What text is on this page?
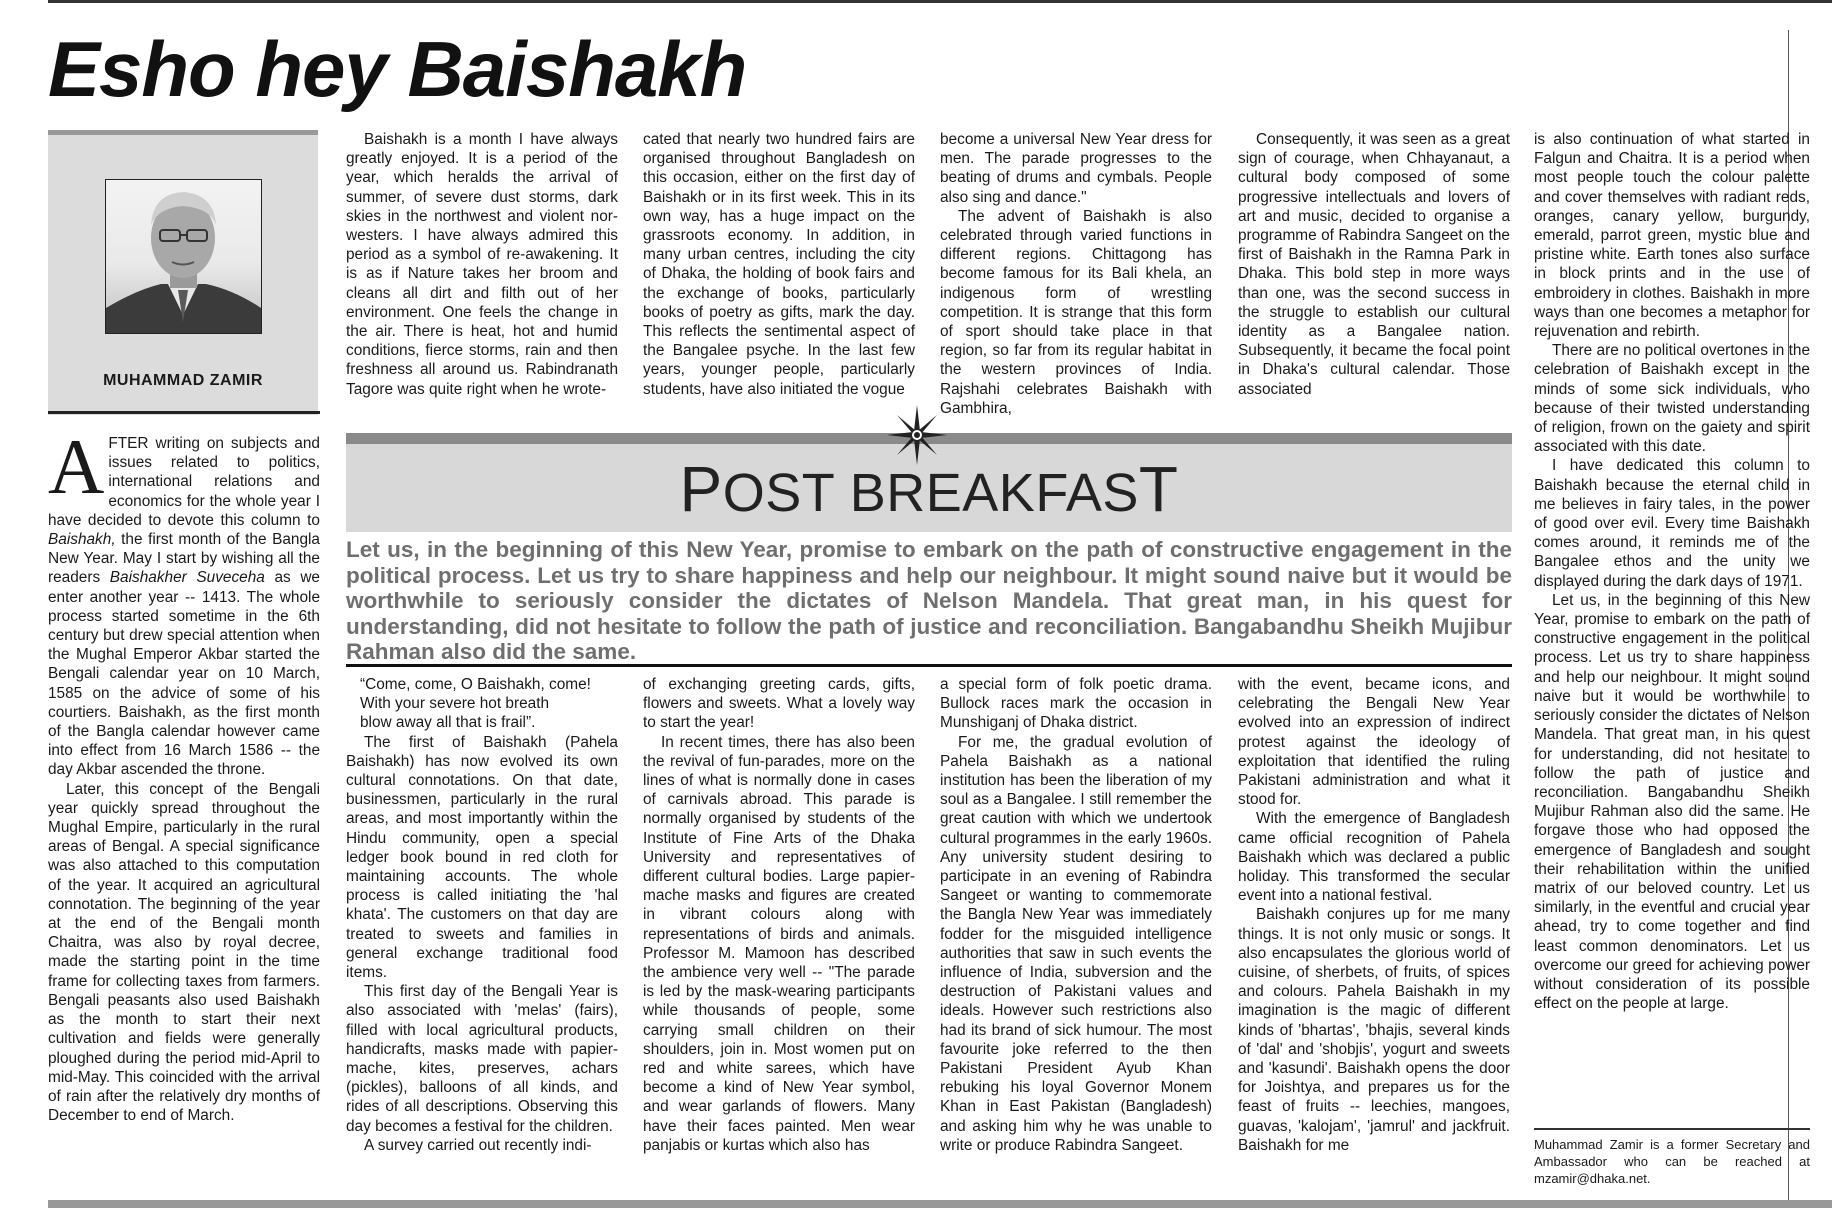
Esho hey Baishakh
MUHAMMAD ZAMIR

AFTER writing on subjects and issues related to politics, international relations and economics for the whole year I have decided to devote this column to Baishakh, the first month of the Bangla New Year. May I start by wishing all the readers Baishakher Suveceha as we enter another year -- 1413. The whole process started sometime in the 6th century but drew special attention when the Mughal Emperor Akbar started the Bengali calendar year on 10 March, 1585 on the advice of some of his courtiers. Baishakh, as the first month of the Bangla calendar however came into effect from 16 March 1586 -- the day Akbar ascended the throne.

Later, this concept of the Bengali year quickly spread throughout the Mughal Empire, particularly in the rural areas of Bengal. A special significance was also attached to this computation of the year. It acquired an agricultural connotation. The beginning of the year at the end of the Bengali month Chaitra, was also by royal decree, made the starting point in the time frame for collecting taxes from farmers. Bengali peasants also used Baishakh as the month to start their next cultivation and fields were generally ploughed during the period mid-April to mid-May. This coincided with the arrival of rain after the relatively dry months of December to end of March.

Baishakh is a month I have always greatly enjoyed. It is a period of the year, which heralds the arrival of summer, of severe dust storms, dark skies in the northwest and violent nor-westers. I have always admired this period as a symbol of re-awakening. It is as if Nature takes her broom and cleans all dirt and filth out of her environment. One feels the change in the air. There is heat, hot and humid conditions, fierce storms, rain and then freshness all around us. Rabindranath Tagore was quite right when he wrote-

cated that nearly two hundred fairs are organised throughout Bangladesh on this occasion, either on the first day of Baishakh or in its first week. This in its own way, has a huge impact on the grassroots economy. In addition, in many urban centres, including the city of Dhaka, the holding of book fairs and the exchange of books, particularly books of poetry as gifts, mark the day. This reflects the sentimental aspect of the Bangalee psyche. In the last few years, younger people, particularly students, have also initiated the vogue

become a universal New Year dress for men. The parade progresses to the beating of drums and cymbals. People also sing and dance."

The advent of Baishakh is also celebrated through varied functions in different regions. Chittagong has become famous for its Bali khela, an indigenous form of wrestling competition. It is strange that this form of sport should take place in that region, so far from its regular habitat in the western provinces of India. Rajshahi celebrates Baishakh with Gambhira,

Consequently, it was seen as a great sign of courage, when Chhayanaut, a cultural body composed of some progressive intellectuals and lovers of art and music, decided to organise a programme of Rabindra Sangeet on the first of Baishakh in the Ramna Park in Dhaka. This bold step in more ways than one, was the second success in the struggle to establish our cultural identity as a Bangalee nation. Subsequently, it became the focal point in Dhaka's cultural calendar. Those associated

POST BREAKFAST
Let us, in the beginning of this New Year, promise to embark on the path of constructive engagement in the political process. Let us try to share happiness and help our neighbour. It might sound naive but it would be worthwhile to seriously consider the dictates of Nelson Mandela. That great man, in his quest for understanding, did not hesitate to follow the path of justice and reconciliation. Bangabandhu Sheikh Mujibur Rahman also did the same.
“Come, come, O Baishakh, come!
With your severe hot breath
blow away all that is frail”.

The first of Baishakh (Pahela Baishakh) has now evolved its own cultural connotations. On that date, businessmen, particularly in the rural areas, and most importantly within the Hindu community, open a special ledger book bound in red cloth for maintaining accounts. The whole process is called initiating the 'hal khata'. The customers on that day are treated to sweets and families in general exchange traditional food items.

This first day of the Bengali Year is also associated with 'melas' (fairs), filled with local agricultural products, handicrafts, masks made with papier-mache, kites, preserves, achars (pickles), balloons of all kinds, and rides of all descriptions. Observing this day becomes a festival for the children.

A survey carried out recently indi-

of exchanging greeting cards, gifts, flowers and sweets. What a lovely way to start the year!

In recent times, there has also been the revival of fun-parades, more on the lines of what is normally done in cases of carnivals abroad. This parade is normally organised by students of the Institute of Fine Arts of the Dhaka University and representatives of different cultural bodies. Large papier-mache masks and figures are created in vibrant colours along with representations of birds and animals. Professor M. Mamoon has described the ambience very well -- "The parade is led by the mask-wearing participants while thousands of people, some carrying small children on their shoulders, join in. Most women put on red and white sarees, which have become a kind of New Year symbol, and wear garlands of flowers. Many have their faces painted. Men wear panjabis or kurtas which also has

a special form of folk poetic drama. Bullock races mark the occasion in Munshiganj of Dhaka district.

For me, the gradual evolution of Pahela Baishakh as a national institution has been the liberation of my soul as a Bangalee. I still remember the great caution with which we undertook cultural programmes in the early 1960s. Any university student desiring to participate in an evening of Rabindra Sangeet or wanting to commemorate the Bangla New Year was immediately fodder for the misguided intelligence authorities that saw in such events the influence of India, subversion and the destruction of Pakistani values and ideals. However such restrictions also had its brand of sick humour. The most favourite joke referred to the then Pakistani President Ayub Khan rebuking his loyal Governor Monem Khan in East Pakistan (Bangladesh) and asking him why he was unable to write or produce Rabindra Sangeet.

with the event, became icons, and celebrating the Bengali New Year evolved into an expression of indirect protest against the ideology of exploitation that identified the ruling Pakistani administration and what it stood for.

With the emergence of Bangladesh came official recognition of Pahela Baishakh which was declared a public holiday. This transformed the secular event into a national festival.

Baishakh conjures up for me many things. It is not only music or songs. It also encapsulates the glorious world of cuisine, of sherbets, of fruits, of spices and colours. Pahela Baishakh in my imagination is the magic of different kinds of 'bhartas', 'bhajis, several kinds of 'dal' and 'shobjis', yogurt and sweets and 'kasundi'. Baishakh opens the door for Joishtya, and prepares us for the feast of fruits -- leechies, mangoes, guavas, 'kalojam', 'jamrul' and jackfruit. Baishakh for me

is also continuation of what started in Falgun and Chaitra. It is a period when most people touch the colour palette and cover themselves with radiant reds, oranges, canary yellow, burgundy, emerald, parrot green, mystic blue and pristine white. Earth tones also surface in block prints and in the use of embroidery in clothes. Baishakh in more ways than one becomes a metaphor for rejuvenation and rebirth.

There are no political overtones in the celebration of Baishakh except in the minds of some sick individuals, who because of their twisted understanding of religion, frown on the gaiety and spirit associated with this date.

I have dedicated this column to Baishakh because the eternal child in me believes in fairy tales, in the power of good over evil. Every time Baishakh comes around, it reminds me of the Bangalee ethos and the unity we displayed during the dark days of 1971.

Let us, in the beginning of this New Year, promise to embark on the path of constructive engagement in the political process. Let us try to share happiness and help our neighbour. It might sound naive but it would be worthwhile to seriously consider the dictates of Nelson Mandela. That great man, in his quest for understanding, did not hesitate to follow the path of justice and reconciliation. Bangabandhu Sheikh Mujibur Rahman also did the same. He forgave those who had opposed the emergence of Bangladesh and sought their rehabilitation within the unified matrix of our beloved country. Let us similarly, in the eventful and crucial year ahead, try to come together and find least common denominators. Let us overcome our greed for achieving power without consideration of its possible effect on the people at large.

Muhammad Zamir is a former Secretary and Ambassador who can be reached at mzamir@dhaka.net.
